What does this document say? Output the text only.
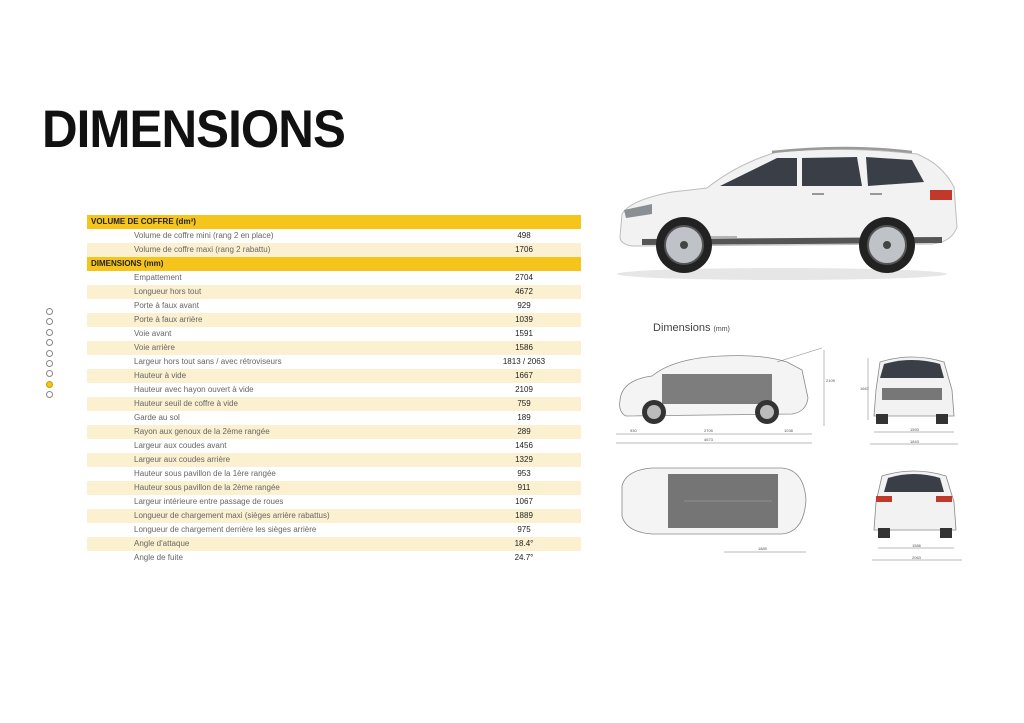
DIMENSIONS
VOLUME DE COFFRE (dm³)
Volume de coffre mini (rang 2 en place)	498
Volume de coffre maxi (rang 2 rabattu)	1706
DIMENSIONS (mm)
Empattement	2704
Longueur hors tout	4672
Porte à faux avant	929
Porte à faux arrière	1039
Voie avant	1591
Voie arrière	1586
Largeur hors tout sans / avec rétroviseurs	1813 / 2063
Hauteur à vide	1667
Hauteur avec hayon ouvert à vide	2109
Hauteur seuil de coffre à vide	759
Garde au sol	189
Rayon aux genoux de la 2ème rangée	289
Largeur aux coudes avant	1456
Largeur aux coudes arrière	1329
Hauteur sous pavillon de la 1ère rangée	953
Hauteur sous pavillon de la 2ème rangée	911
Largeur intérieure entre passage de roues	1067
Longueur de chargement maxi (sièges arrière rabattus)	1889
Longueur de chargement derrière les sièges arrière	975
Angle d'attaque	18.4°
Angle de fuite	24.7°
Dimensions (mm)
930	2705	1038
4673
2109
1593
1843
1667
1889
1586
2063
